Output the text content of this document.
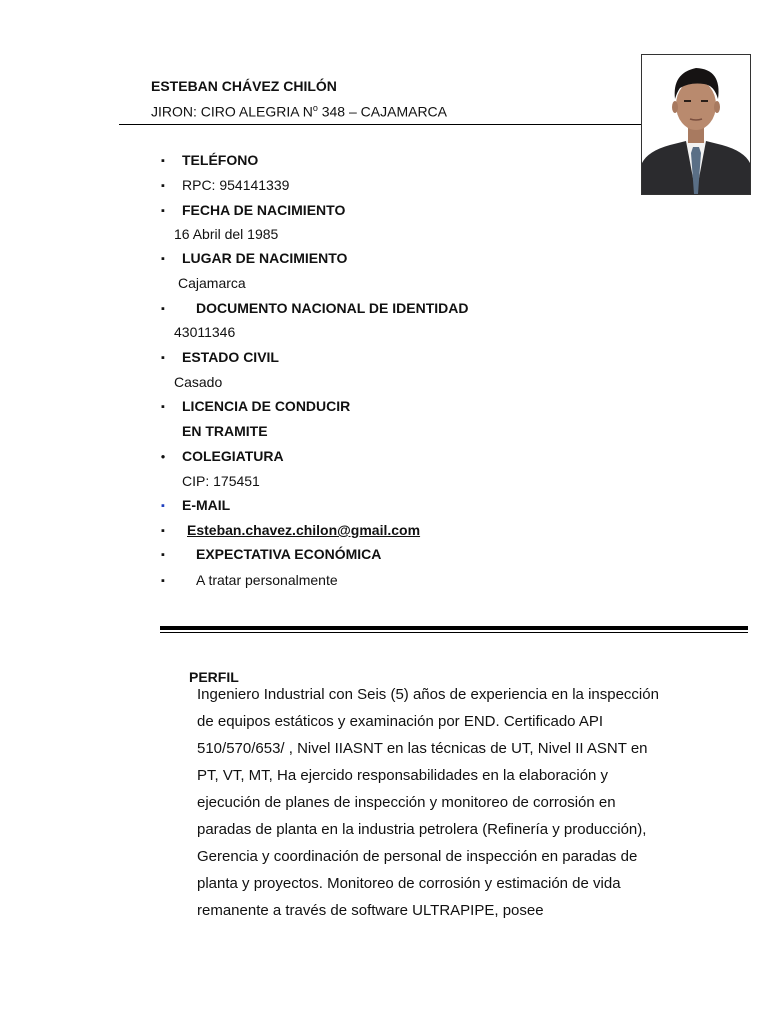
ESTEBAN CHÁVEZ CHILÓN
JIRON: CIRO ALEGRIA $N^o$ 348 – CAJAMARCA
▪
TELÉFONO
▪
RPC: 954141339
▪
FECHA DE NACIMIENTO
16 Abril del 1985
▪
LUGAR DE NACIMIENTO
Cajamarca
▪
DOCUMENTO NACIONAL DE IDENTIDAD
43011346
▪
ESTADO CIVIL
Casado
▪
LICENCIA DE CONDUCIR
EN TRAMITE
●
COLEGIATURA
CIP: 175451
▪
E-MAIL
▪
Esteban.chavez.chilon@gmail.com
▪
EXPECTATIVA ECONÓMICA
▪
A tratar personalmente
PERFIL
Ingeniero Industrial con Seis (5) años de experiencia en la inspección
de equipos estáticos y examinación por END. Certificado API
510/570/653/ , Nivel IIASNT en las técnicas de UT, Nivel II ASNT en
PT, VT, MT, Ha ejercido responsabilidades en la elaboración y
ejecución de planes de inspección y monitoreo de corrosión en
paradas de planta en la industria petrolera (Refinería y producción),
Gerencia y coordinación de personal de inspección en paradas de
planta y proyectos. Monitoreo de corrosión y estimación de vida
remanente a través de software ULTRAPIPE, posee
